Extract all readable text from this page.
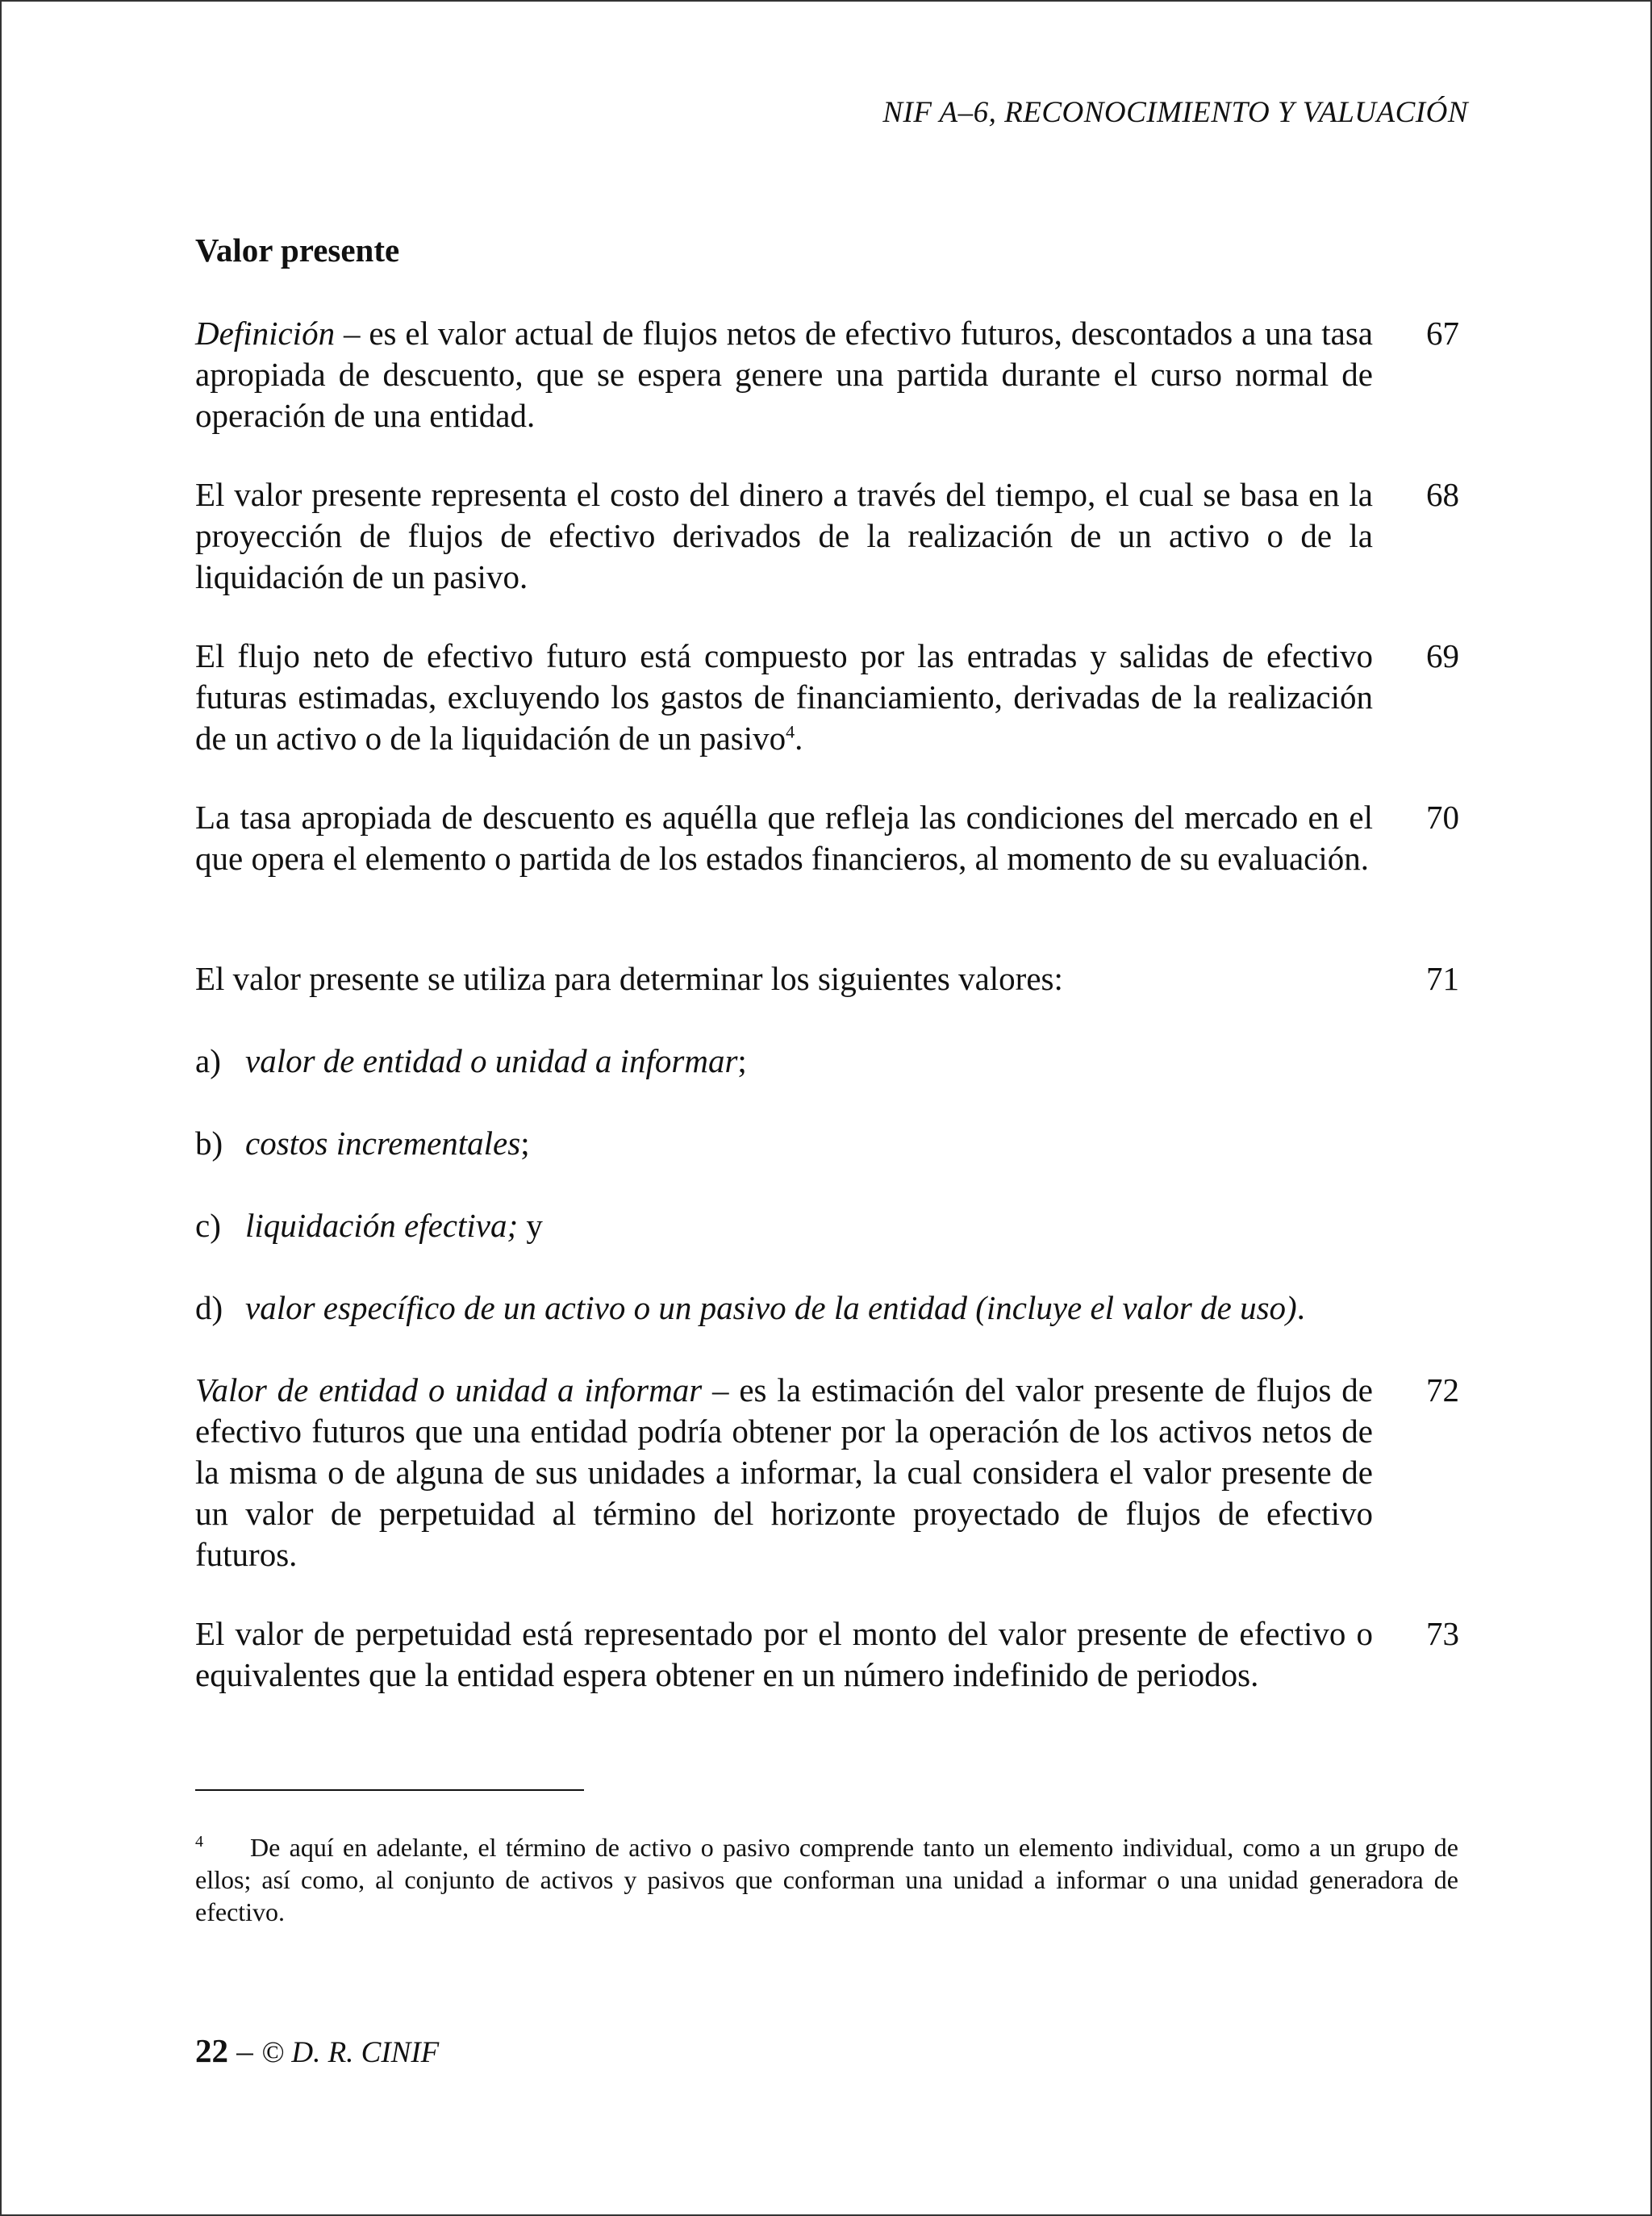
NIF A–6, RECONOCIMIENTO Y VALUACIÓN
Valor presente
Definición – es el valor actual de flujos netos de efectivo futuros, descontados a una tasa apropiada de descuento, que se espera genere una partida durante el curso normal de operación de una entidad.
67
El valor presente representa el costo del dinero a través del tiempo, el cual se basa en la proyección de flujos de efectivo derivados de la realización de un activo o de la liquidación de un pasivo.
68
El flujo neto de efectivo futuro está compuesto por las entradas y salidas de efectivo futuras estimadas, excluyendo los gastos de financiamiento, derivadas de la realización de un activo o de la liquidación de un pasivo$^4$.
69
La tasa apropiada de descuento es aquélla que refleja las condiciones del mercado en el que opera el elemento o partida de los estados financieros, al momento de su evaluación.
70
El valor presente se utiliza para determinar los siguientes valores:	71
a) valor de entidad o unidad a informar;
b) costos incrementales;
c) liquidación efectiva; y
d) valor específico de un activo o un pasivo de la entidad (incluye el valor de uso).
Valor de entidad o unidad a informar – es la estimación del valor presente de flujos de efectivo futuros que una entidad podría obtener por la operación de los activos netos de la misma o de alguna de sus unidades a informar, la cual considera el valor presente de un valor de perpetuidad al término del horizonte proyectado de flujos de efectivo futuros.
72
El valor de perpetuidad está representado por el monto del valor presente de efectivo o equivalentes que la entidad espera obtener en un número indefinido de periodos.
73
4 De aquí en adelante, el término de activo o pasivo comprende tanto un elemento individual, como a un grupo de ellos; así como, al conjunto de activos y pasivos que conforman una unidad a informar o una unidad generadora de efectivo.
22 – © D. R. CINIF
